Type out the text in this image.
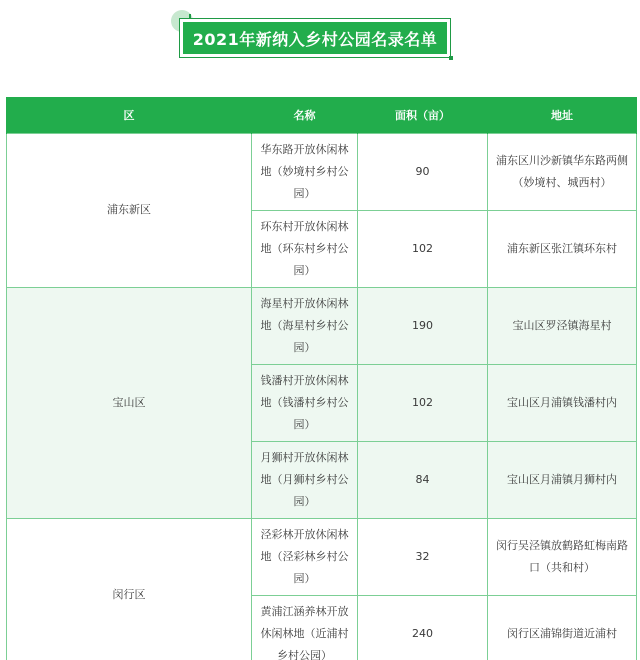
2021年新纳入乡村公园名录名单
区	名称	面积（亩）	地址
浦东新区	华东路开放休闲林地（妙境村乡村公园）	90	浦东区川沙新镇华东路两侧（妙境村、城西村）
	环东村开放休闲林地（环东村乡村公园）	102	浦东新区张江镇环东村
宝山区	海星村开放休闲林地（海星村乡村公园）	190	宝山区罗泾镇海星村
	钱潘村开放休闲林地（钱潘村乡村公园）	102	宝山区月浦镇钱潘村内
	月狮村开放休闲林地（月狮村乡村公园）	84	宝山区月浦镇月狮村内
闵行区	泾彩林开放休闲林地（泾彩林乡村公园）	32	闵行吴泾镇放鹤路虹梅南路口（共和村）
	黄浦江涵养林开放休闲林地（近浦村乡村公园）	240	闵行区浦锦街道近浦村
